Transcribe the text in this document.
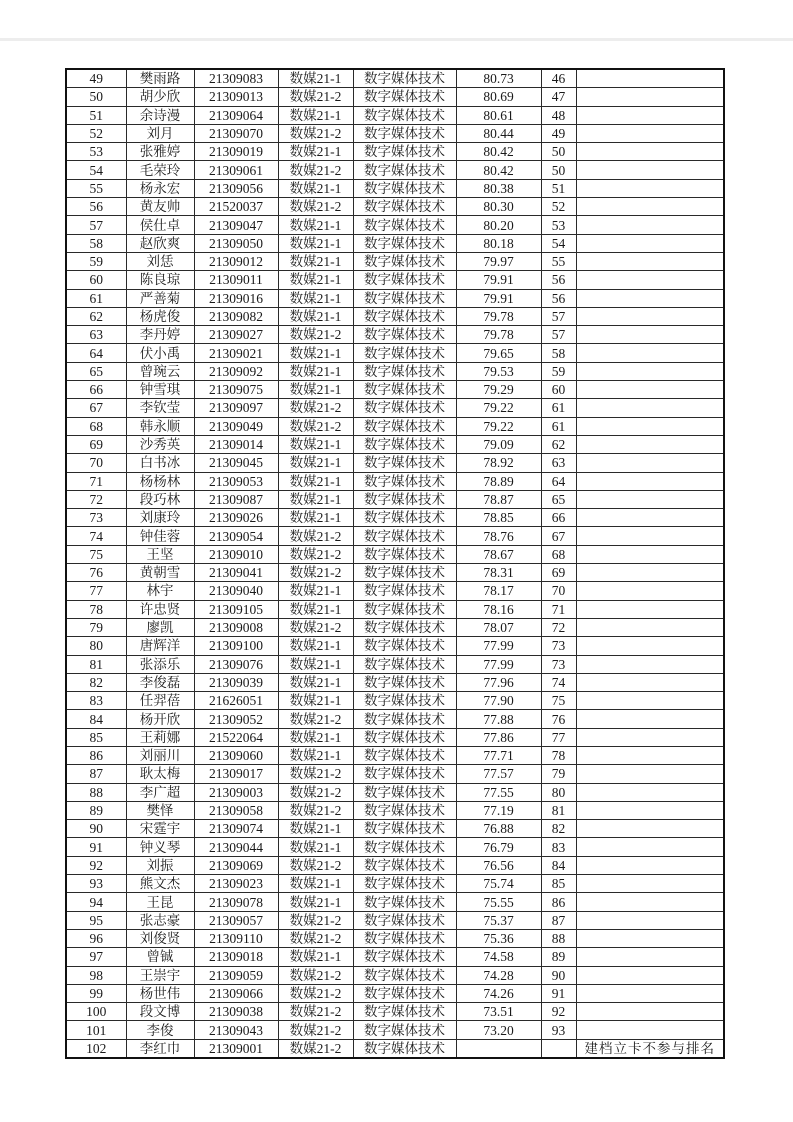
49	樊雨路	21309083	数媒21-1	数字媒体技术	80.73	46	
50	胡少欣	21309013	数媒21-2	数字媒体技术	80.69	47	
51	余诗漫	21309064	数媒21-1	数字媒体技术	80.61	48	
52	刘月	21309070	数媒21-2	数字媒体技术	80.44	49	
53	张雅婷	21309019	数媒21-1	数字媒体技术	80.42	50	
54	毛荣玲	21309061	数媒21-2	数字媒体技术	80.42	50	
55	杨永宏	21309056	数媒21-1	数字媒体技术	80.38	51	
56	黄友帅	21520037	数媒21-2	数字媒体技术	80.30	52	
57	侯仕卓	21309047	数媒21-1	数字媒体技术	80.20	53	
58	赵欣爽	21309050	数媒21-1	数字媒体技术	80.18	54	
59	刘恁	21309012	数媒21-1	数字媒体技术	79.97	55	
60	陈良琼	21309011	数媒21-1	数字媒体技术	79.91	56	
61	严善菊	21309016	数媒21-1	数字媒体技术	79.91	56	
62	杨虎俊	21309082	数媒21-1	数字媒体技术	79.78	57	
63	李丹婷	21309027	数媒21-2	数字媒体技术	79.78	57	
64	伏小禹	21309021	数媒21-1	数字媒体技术	79.65	58	
65	曾琬云	21309092	数媒21-1	数字媒体技术	79.53	59	
66	钟雪琪	21309075	数媒21-1	数字媒体技术	79.29	60	
67	李钦莹	21309097	数媒21-2	数字媒体技术	79.22	61	
68	韩永顺	21309049	数媒21-2	数字媒体技术	79.22	61	
69	沙秀英	21309014	数媒21-1	数字媒体技术	79.09	62	
70	白书冰	21309045	数媒21-1	数字媒体技术	78.92	63	
71	杨杨林	21309053	数媒21-1	数字媒体技术	78.89	64	
72	段巧林	21309087	数媒21-1	数字媒体技术	78.87	65	
73	刘康玲	21309026	数媒21-1	数字媒体技术	78.85	66	
74	钟佳蓉	21309054	数媒21-2	数字媒体技术	78.76	67	
75	王坚	21309010	数媒21-2	数字媒体技术	78.67	68	
76	黄朝雪	21309041	数媒21-2	数字媒体技术	78.31	69	
77	林宇	21309040	数媒21-1	数字媒体技术	78.17	70	
78	许忠贤	21309105	数媒21-1	数字媒体技术	78.16	71	
79	廖凯	21309008	数媒21-2	数字媒体技术	78.07	72	
80	唐辉洋	21309100	数媒21-1	数字媒体技术	77.99	73	
81	张添乐	21309076	数媒21-1	数字媒体技术	77.99	73	
82	李俊磊	21309039	数媒21-1	数字媒体技术	77.96	74	
83	任羿蓓	21626051	数媒21-1	数字媒体技术	77.90	75	
84	杨开欣	21309052	数媒21-2	数字媒体技术	77.88	76	
85	王莉娜	21522064	数媒21-1	数字媒体技术	77.86	77	
86	刘丽川	21309060	数媒21-1	数字媒体技术	77.71	78	
87	耿太梅	21309017	数媒21-2	数字媒体技术	77.57	79	
88	李广超	21309003	数媒21-2	数字媒体技术	77.55	80	
89	樊怿	21309058	数媒21-2	数字媒体技术	77.19	81	
90	宋霆宇	21309074	数媒21-1	数字媒体技术	76.88	82	
91	钟义琴	21309044	数媒21-1	数字媒体技术	76.79	83	
92	刘振	21309069	数媒21-2	数字媒体技术	76.56	84	
93	熊文杰	21309023	数媒21-1	数字媒体技术	75.74	85	
94	王昆	21309078	数媒21-1	数字媒体技术	75.55	86	
95	张志豪	21309057	数媒21-2	数字媒体技术	75.37	87	
96	刘俊贤	21309110	数媒21-2	数字媒体技术	75.36	88	
97	曾铖	21309018	数媒21-1	数字媒体技术	74.58	89	
98	王崇宇	21309059	数媒21-2	数字媒体技术	74.28	90	
99	杨世伟	21309066	数媒21-2	数字媒体技术	74.26	91	
100	段文博	21309038	数媒21-2	数字媒体技术	73.51	92	
101	李俊	21309043	数媒21-2	数字媒体技术	73.20	93	
102	李红巾	21309001	数媒21-2	数字媒体技术			建档立卡不参与排名
